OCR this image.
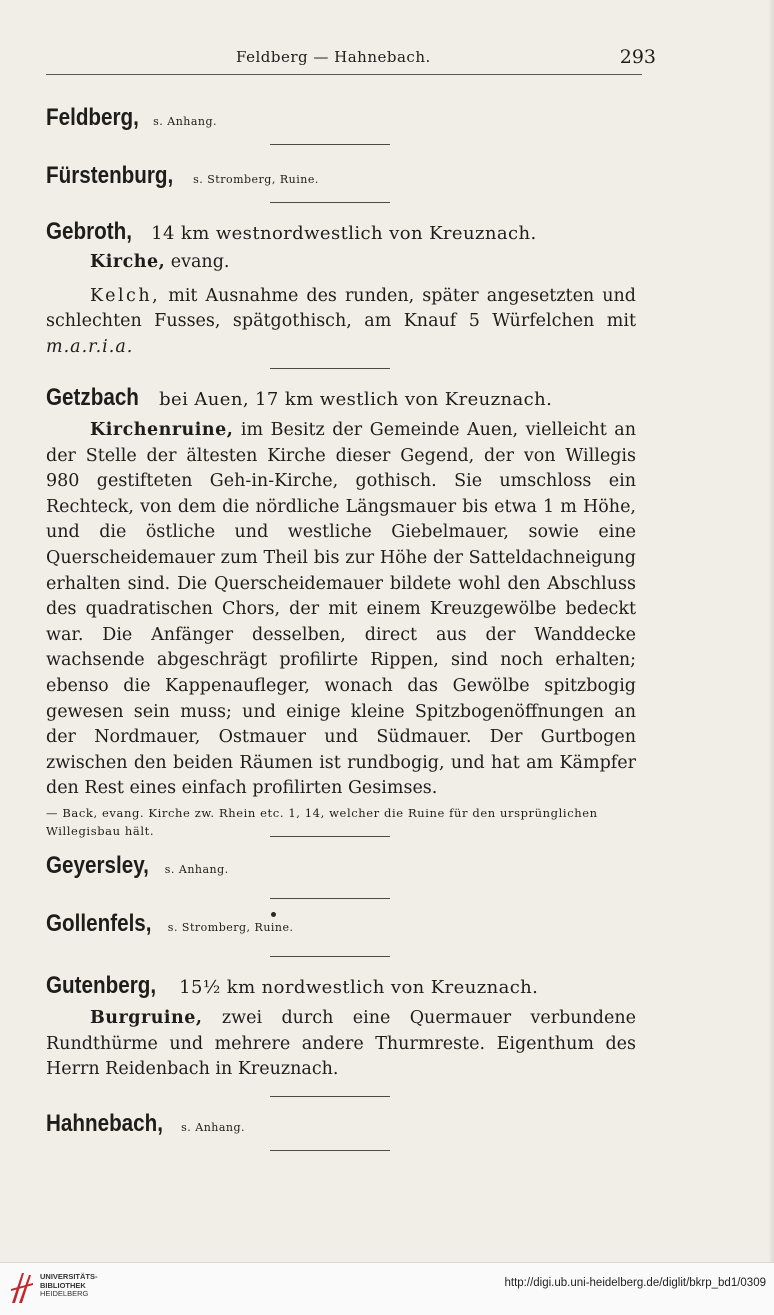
Feldberg — Hahnebach.	293
Feldberg, s. Anhang.
Fürstenburg, s. Stromberg, Ruine.
Gebroth, 14 km westnordwestlich von Kreuznach.

Kirche, evang.

Kelch, mit Ausnahme des runden, später angesetzten und schlechten Fusses, spätgothisch, am Knauf 5 Würfelchen mit m.a.r.i.a.

Getzbach bei Auen, 17 km westlich von Kreuznach.

Kirchenruine, im Besitz der Gemeinde Auen, vielleicht an der Stelle der ältesten Kirche dieser Gegend, der von Willegis 980 gestifteten Geh-in-Kirche, gothisch. Sie umschloss ein Rechteck, von dem die nördliche Längsmauer bis etwa 1 m Höhe, und die östliche und westliche Giebelmauer, sowie eine Querscheidemauer zum Theil bis zur Höhe der Satteldachneigung erhalten sind. Die Querscheidemauer bildete wohl den Abschluss des quadratischen Chors, der mit einem Kreuzgewölbe bedeckt war. Die Anfänger desselben, direct aus der Wanddecke wachsende abgeschrägt profilirte Rippen, sind noch erhalten; ebenso die Kappenaufleger, wonach das Gewölbe spitzbogig gewesen sein muss; und einige kleine Spitzbogenöffnungen an der Nordmauer, Ostmauer und Südmauer. Der Gurtbogen zwischen den beiden Räumen ist rundbogig, und hat am Kämpfer den Rest eines einfach profilirten Gesimses.

— Back, evang. Kirche zw. Rhein etc. 1, 14, welcher die Ruine für den ursprünglichen Willegisbau hält.

Geyersley, s. Anhang.
Gollenfels, s. Stromberg, Ruine.
Gutenberg, 15½ km nordwestlich von Kreuznach.

Burgruine, zwei durch eine Quermauer verbundene Rundthürme und mehrere andere Thurmreste. Eigenthum des Herrn Reidenbach in Kreuznach.

Hahnebach, s. Anhang.
UNIVERSITÄTS-
BIBLIOTHEK
HEIDELBERG
http://digi.ub.uni-heidelberg.de/diglit/bkrp_bd1/0309
